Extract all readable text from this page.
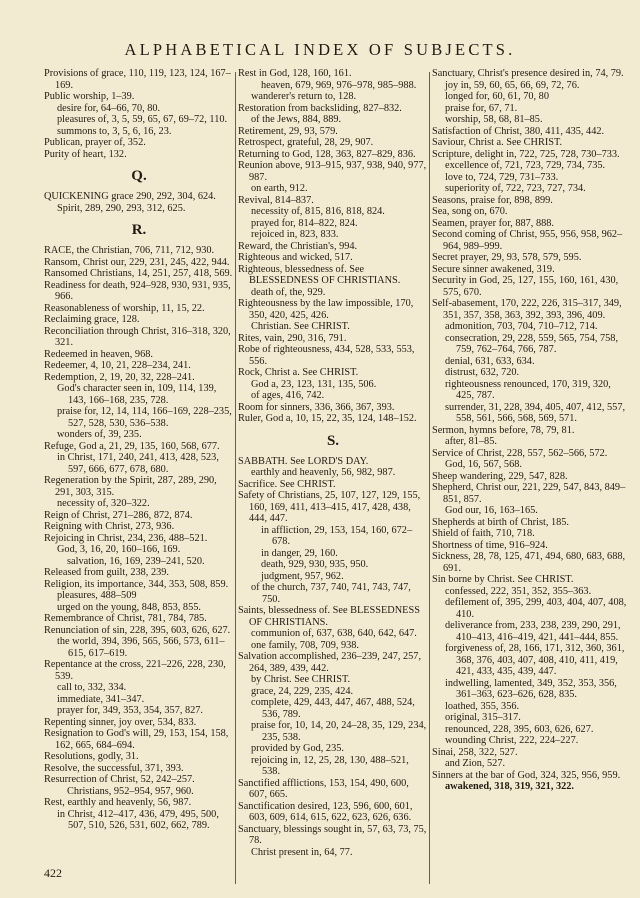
ALPHABETICAL INDEX OF SUBJECTS.
Provisions of grace, 110, 119, 123, 124, 167–169.
Public worship, 1–39.
desire for, 64–66, 70, 80.
pleasures of, 3, 5, 59, 65, 67, 69–72, 110.
summons to, 3, 5, 6, 16, 23.
Publican, prayer of, 352.
Purity of heart, 132.
Q.
QUICKENING grace 290, 292, 304, 624.
Spirit, 289, 290, 293, 312, 625.
R.
RACE, the Christian, 706, 711, 712, 930.
Ransom, Christ our, 229, 231, 245, 422, 944.
Ransomed Christians, 14, 251, 257, 418, 569.
Readiness for death, 924–928, 930, 931, 935, 966.
Reasonableness of worship, 11, 15, 22.
Reclaiming grace, 128.
Reconciliation through Christ, 316–318, 320, 321.
Redeemed in heaven, 968.
Redeemer, 4, 10, 21, 228–234, 241.
Redemption, 2, 19, 20, 32, 228–241.
God's character seen in, 109, 114, 139, 143, 166–168, 235, 728.
praise for, 12, 14, 114, 166–169, 228–235, 527, 528, 530, 536–538.
wonders of, 39, 235.
Refuge, God a, 21, 29, 135, 160, 568, 677.
in Christ, 171, 240, 241, 413, 428, 523, 597, 666, 677, 678, 680.
Regeneration by the Spirit, 287, 289, 290, 291, 303, 315.
necessity of, 320–322.
Reign of Christ, 271–286, 872, 874.
Reigning with Christ, 273, 936.
Rejoicing in Christ, 234, 236, 488–521.
God, 3, 16, 20, 160–166, 169.
salvation, 16, 169, 239–241, 520.
Released from guilt, 238, 239.
Religion, its importance, 344, 353, 508, 859.
pleasures, 488–509
urged on the young, 848, 853, 855.
Remembrance of Christ, 781, 784, 785.
Renunciation of sin, 228, 395, 603, 626, 627.
the world, 394, 396, 565, 566, 573, 611–615, 617–619.
Repentance at the cross, 221–226, 228, 230, 539.
call to, 332, 334.
immediate, 341–347.
prayer for, 349, 353, 354, 357, 827.
Repenting sinner, joy over, 534, 833.
Resignation to God's will, 29, 153, 154, 158, 162, 665, 684–694.
Resolutions, godly, 31.
Resolve, the successful, 371, 393.
Resurrection of Christ, 52, 242–257.
Christians, 952–954, 957, 960.
Rest, earthly and heavenly, 56, 987.
in Christ, 412–417, 436, 479, 495, 500, 507, 510, 526, 531, 602, 662, 789.
Rest in God, 128, 160, 161.
heaven, 679, 969, 976–978, 985–988.
wanderer's return to, 128.
Restoration from backsliding, 827–832.
of the Jews, 884, 889.
Retirement, 29, 93, 579.
Retrospect, grateful, 28, 29, 907.
Returning to God, 128, 363, 827–829, 836.
Reunion above, 913–915, 937, 938, 940, 977, 987.
on earth, 912.
Revival, 814–837.
necessity of, 815, 816, 818, 824.
prayed for, 814–822, 824.
rejoiced in, 823, 833.
Reward, the Christian's, 994.
Righteous and wicked, 517.
Righteous, blessedness of. See BLESSEDNESS OF CHRISTIANS.
death of, the, 929.
Righteousness by the law impossible, 170, 350, 420, 425, 426.
Christian. See CHRIST.
Rites, vain, 290, 316, 791.
Robe of righteousness, 434, 528, 533, 553, 556.
Rock, Christ a. See CHRIST.
God a, 23, 123, 131, 135, 506.
of ages, 416, 742.
Room for sinners, 336, 366, 367, 393.
Ruler, God a, 10, 15, 22, 35, 124, 148–152.
S.
SABBATH. See LORD'S DAY.
earthly and heavenly, 56, 982, 987.
Sacrifice. See CHRIST.
Safety of Christians, 25, 107, 127, 129, 155, 160, 169, 411, 413–415, 417, 428, 438, 444, 447.
in affliction, 29, 153, 154, 160, 672–678.
in danger, 29, 160.
death, 929, 930, 935, 950.
judgment, 957, 962.
of the church, 737, 740, 741, 743, 747, 750.
Saints, blessedness of. See BLESSEDNESS OF CHRISTIANS.
communion of, 637, 638, 640, 642, 647.
one family, 708, 709, 938.
Salvation accomplished, 236–239, 247, 257, 264, 389, 439, 442.
by Christ. See CHRIST.
grace, 24, 229, 235, 424.
complete, 429, 443, 447, 467, 488, 524, 536, 789.
praise for, 10, 14, 20, 24–28, 35, 129, 234, 235, 538.
provided by God, 235.
rejoicing in, 12, 25, 28, 130, 488–521, 538.
Sanctified afflictions, 153, 154, 490, 600, 607, 665.
Sanctification desired, 123, 596, 600, 601, 603, 609, 614, 615, 622, 623, 626, 636.
Sanctuary, blessings sought in, 57, 63, 73, 75, 78.
Christ present in, 64, 77.
Sanctuary, Christ's presence desired in, 74, 79.
joy in, 59, 60, 65, 66, 69, 72, 76.
longed for, 60, 61, 70, 80
praise for, 67, 71.
worship, 58, 68, 81–85.
Satisfaction of Christ, 380, 411, 435, 442.
Saviour, Christ a. See CHRIST.
Scripture, delight in, 722, 725, 728, 730–733.
excellence of, 721, 723, 729, 734, 735.
love to, 724, 729, 731–733.
superiority of, 722, 723, 727, 734.
Seasons, praise for, 898, 899.
Sea, song on, 670.
Seamen, prayer for, 887, 888.
Second coming of Christ, 955, 956, 958, 962–964, 989–999.
Secret prayer, 29, 93, 578, 579, 595.
Secure sinner awakened, 319.
Security in God, 25, 127, 155, 160, 161, 430, 575, 670.
Self-abasement, 170, 222, 226, 315–317, 349, 351, 357, 358, 363, 392, 393, 396, 409.
admonition, 703, 704, 710–712, 714.
consecration, 29, 228, 559, 565, 754, 758, 759, 762–764, 766, 787.
denial, 631, 633, 634.
distrust, 632, 720.
righteousness renounced, 170, 319, 320, 425, 787.
surrender, 31, 228, 394, 405, 407, 412, 557, 558, 561, 566, 568, 569, 571.
Sermon, hymns before, 78, 79, 81.
after, 81–85.
Service of Christ, 228, 557, 562–566, 572.
God, 16, 567, 568.
Sheep wandering, 229, 547, 828.
Shepherd, Christ our, 221, 229, 547, 843, 849–851, 857.
God our, 16, 163–165.
Shepherds at birth of Christ, 185.
Shield of faith, 710, 718.
Shortness of time, 916–924.
Sickness, 28, 78, 125, 471, 494, 680, 683, 688, 691.
Sin borne by Christ. See CHRIST.
confessed, 222, 351, 352, 355–363.
defilement of, 395, 299, 403, 404, 407, 408, 410.
deliverance from, 233, 238, 239, 290, 291, 410–413, 416–419, 421, 441–444, 855.
forgiveness of, 28, 166, 171, 312, 360, 361, 368, 376, 403, 407, 408, 410, 411, 419, 421, 433, 435, 439, 447.
indwelling, lamented, 349, 352, 353, 356, 361–363, 623–626, 628, 835.
loathed, 355, 356.
original, 315–317.
renounced, 228, 395, 603, 626, 627.
wounding Christ, 222, 224–227.
Sinai, 258, 322, 527.
and Zion, 527.
Sinners at the bar of God, 324, 325, 956, 959.
awakened, 318, 319, 321, 322.
422
